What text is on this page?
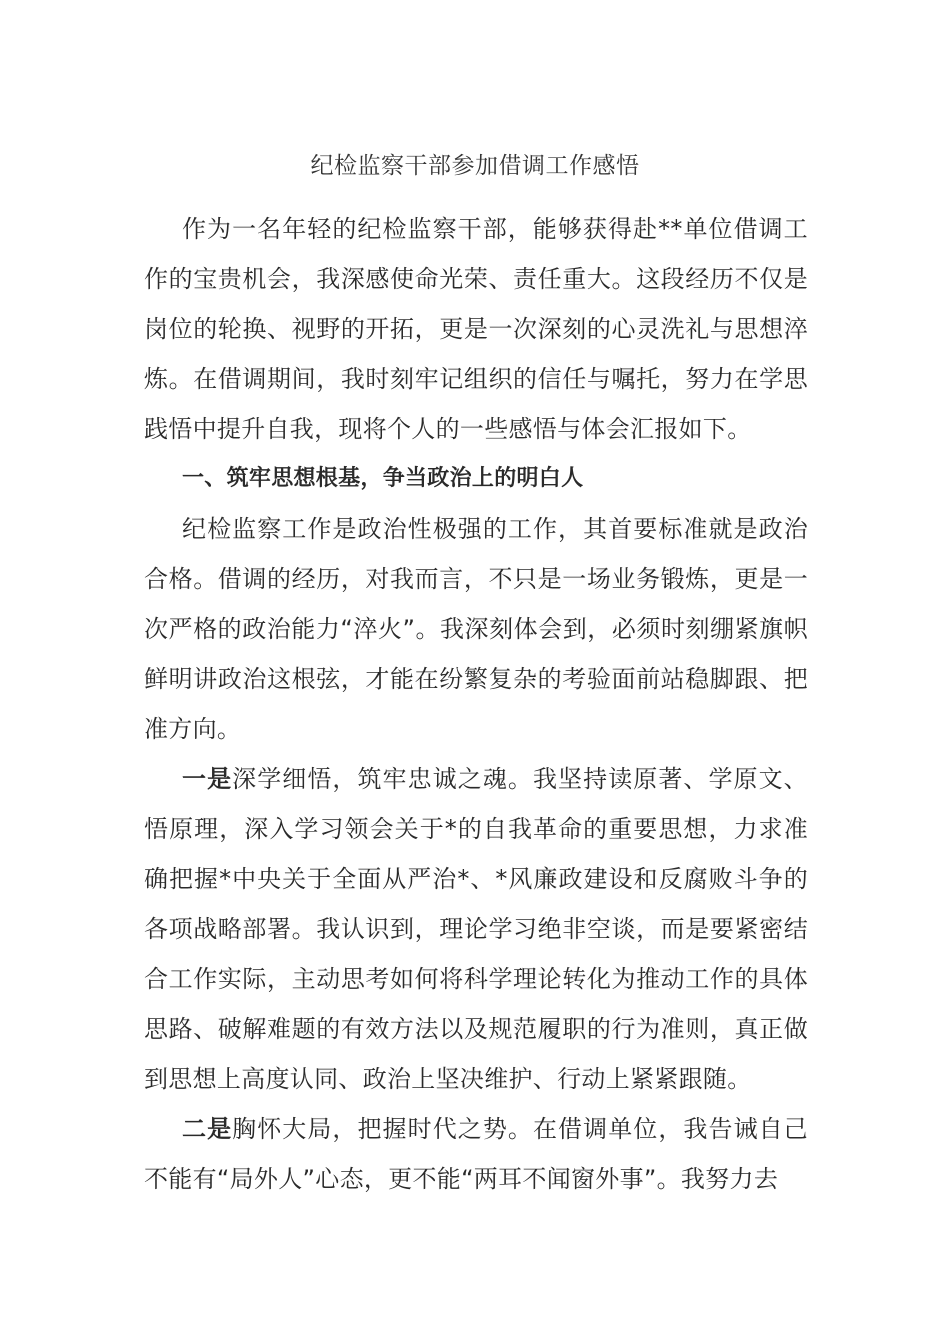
纪检监察干部参加借调工作感悟

作为一名年轻的纪检监察干部，能够获得赴**单位借调工作的宝贵机会，我深感使命光荣、责任重大。这段经历不仅是岗位的轮换、视野的开拓，更是一次深刻的心灵洗礼与思想淬炼。在借调期间，我时刻牢记组织的信任与嘱托，努力在学思践悟中提升自我，现将个人的一些感悟与体会汇报如下。

一、筑牢思想根基，争当政治上的明白人

纪检监察工作是政治性极强的工作，其首要标准就是政治合格。借调的经历，对我而言，不只是一场业务锻炼，更是一次严格的政治能力“淬火”。我深刻体会到，必须时刻绷紧旗帜鲜明讲政治这根弦，才能在纷繁复杂的考验面前站稳脚跟、把准方向。

一是深学细悟，筑牢忠诚之魂。我坚持读原著、学原文、悟原理，深入学习领会关于*的自我革命的重要思想，力求准确把握*中央关于全面从严治*、*风廉政建设和反腐败斗争的各项战略部署。我认识到，理论学习绝非空谈，而是要紧密结合工作实际，主动思考如何将科学理论转化为推动工作的具体思路、破解难题的有效方法以及规范履职的行为准则，真正做到思想上高度认同、政治上坚决维护、行动上紧紧跟随。

二是胸怀大局，把握时代之势。在借调单位，我告诫自己不能有“局外人”心态，更不能“两耳不闻窗外事”。我努力去
